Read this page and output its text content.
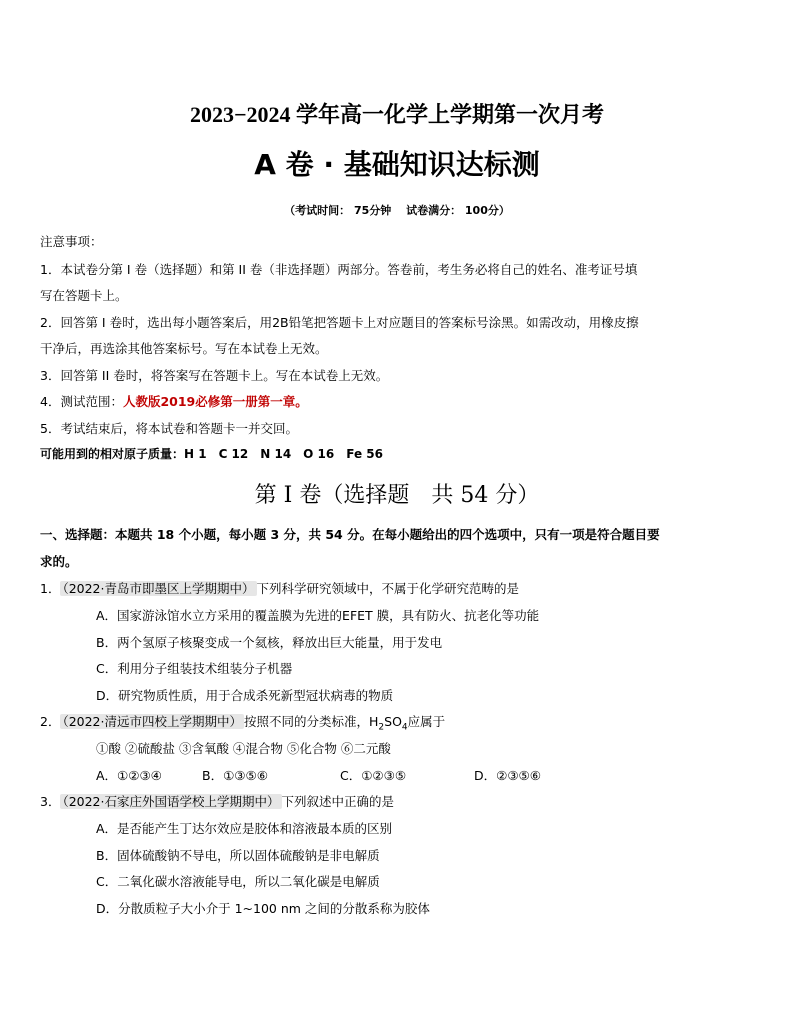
2023−2024 学年高一化学上学期第一次月考
A 卷 · 基础知识达标测
（考试时间： 75分钟　 试卷满分： 100分）
注意事项：
1．本试卷分第 I 卷（选择题）和第 II 卷（非选择题）两部分。答卷前，考生务必将自己的姓名、准考证号填
写在答题卡上。
2．回答第 I 卷时，选出每小题答案后，用2B铅笔把答题卡上对应题目的答案标号涂黑。如需改动，用橡皮擦
干净后，再选涂其他答案标号。写在本试卷上无效。
3．回答第 II 卷时，将答案写在答题卡上。写在本试卷上无效。
4．测试范围：人教版2019必修第一册第一章。
5．考试结束后，将本试卷和答题卡一并交回。
可能用到的相对原子质量：H 1　C 12　N 14　O 16　Fe 56
第 I 卷（选择题　共 54 分）
一、选择题：本题共 18 个小题，每小题 3 分，共 54 分。在每小题给出的四个选项中，只有一项是符合题目要
求的。
1． （2022·青岛市即墨区上学期期中） 下列科学研究领域中，不属于化学研究范畴的是
A．国家游泳馆水立方采用的覆盖膜为先进的EFET 膜，具有防火、抗老化等功能
B．两个氢原子核聚变成一个氦核，释放出巨大能量，用于发电
C．利用分子组装技术组装分子机器
D．研究物质性质，用于合成杀死新型冠状病毒的物质
2． （2022·清远市四校上学期期中） 按照不同的分类标准，$H_2SO_4$应属于
①酸 ②硫酸盐 ③含氧酸 ④混合物 ⑤化合物 ⑥二元酸
A．①②③④	B．①③⑤⑥	C．①②③⑤	D．②③⑤⑥
3． （2022·石家庄外国语学校上学期期中） 下列叙述中正确的是
A．是否能产生丁达尔效应是胶体和溶液最本质的区别
B．固体硫酸钠不导电，所以固体硫酸钠是非电解质
C．二氧化碳水溶液能导电，所以二氧化碳是电解质
D．分散质粒子大小介于 1~100 nm 之间的分散系称为胶体
